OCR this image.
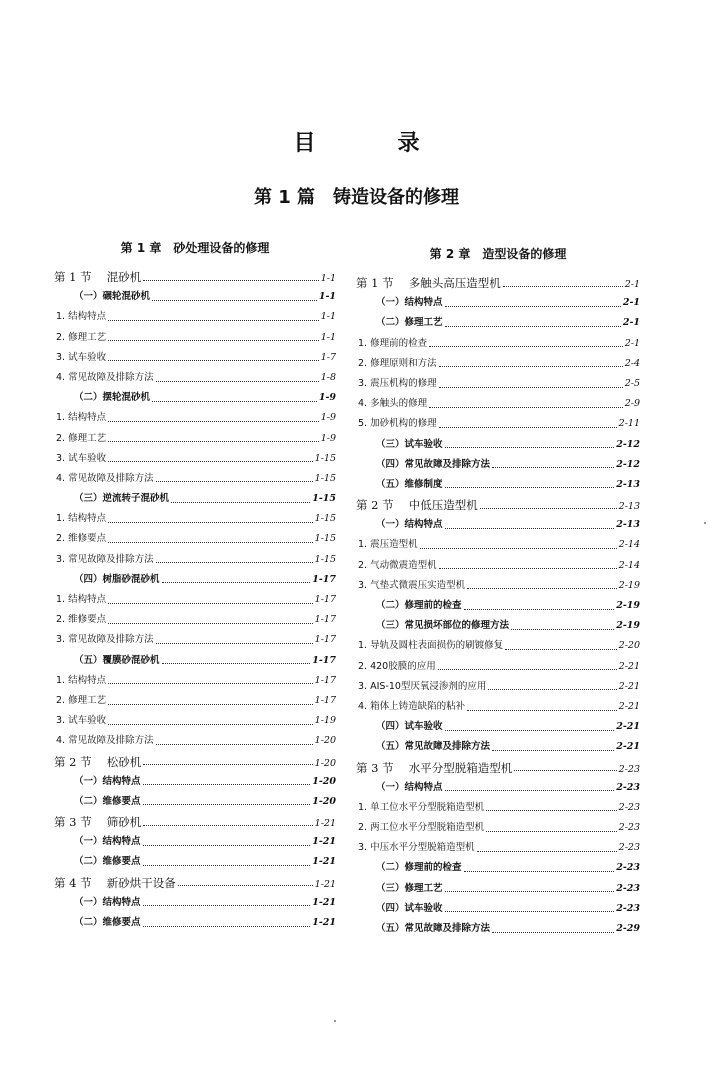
目　录
第 1 篇　铸造设备的修理
第 1 章　砂处理设备的修理
第 1 节　 混砂机	1-1
（一）碾轮混砂机	1-1
1. 结构特点	1-1
2. 修理工艺	1-1
3. 试车验收	1-7
4. 常见故障及排除方法	1-8
（二）摆轮混砂机	1-9
1. 结构特点	1-9
2. 修理工艺	1-9
3. 试车验收	1-15
4. 常见故障及排除方法	1-15
（三）逆流转子混砂机	1-15
1. 结构特点	1-15
2. 维修要点	1-15
3. 常见故障及排除方法	1-15
（四）树脂砂混砂机	1-17
1. 结构特点	1-17
2. 维修要点	1-17
3. 常见故障及排除方法	1-17
（五）覆膜砂混砂机	1-17
1. 结构特点	1-17
2. 修理工艺	1-17
3. 试车验收	1-19
4. 常见故障及排除方法	1-20
第 2 节　 松砂机	1-20
（一）结构特点	1-20
（二）维修要点	1-20
第 3 节　 筛砂机	1-21
（一）结构特点	1-21
（二）维修要点	1-21
第 4 节　 新砂烘干设备	1-21
（一）结构特点	1-21
（二）维修要点	1-21
第 2 章　造型设备的修理
第 1 节　 多触头高压造型机	2-1
（一）结构特点	2-1
（二）修理工艺	2-1
1. 修理前的检查	2-1
2. 修理原则和方法	2-4
3. 震压机构的修理	2-5
4. 多触头的修理	2-9
5. 加砂机构的修理	2-11
（三）试车验收	2-12
（四）常见故障及排除方法	2-12
（五）维修制度	2-13
第 2 节　 中低压造型机	2-13
（一）结构特点	2-13
1. 震压造型机	2-14
2. 气动微震造型机	2-14
3. 气垫式微震压实造型机	2-19
（二）修理前的检查	2-19
（三）常见损坏部位的修理方法	2-19
1. 导轨及圆柱表面损伤的刷镀修复	2-20
2. 420胶膜的应用	2-21
3. AIS-10型厌氧浸渗剂的应用	2-21
4. 箱体上铸造缺陷的粘补	2-21
（四）试车验收	2-21
（五）常见故障及排除方法	2-21
第 3 节　 水平分型脱箱造型机	2-23
（一）结构特点	2-23
1. 单工位水平分型脱箱造型机	2-23
2. 两工位水平分型脱箱造型机	2-23
3. 中压水平分型脱箱造型机	2-23
（二）修理前的检查	2-23
（三）修理工艺	2-23
（四）试车验收	2-23
（五）常见故障及排除方法	2-29
